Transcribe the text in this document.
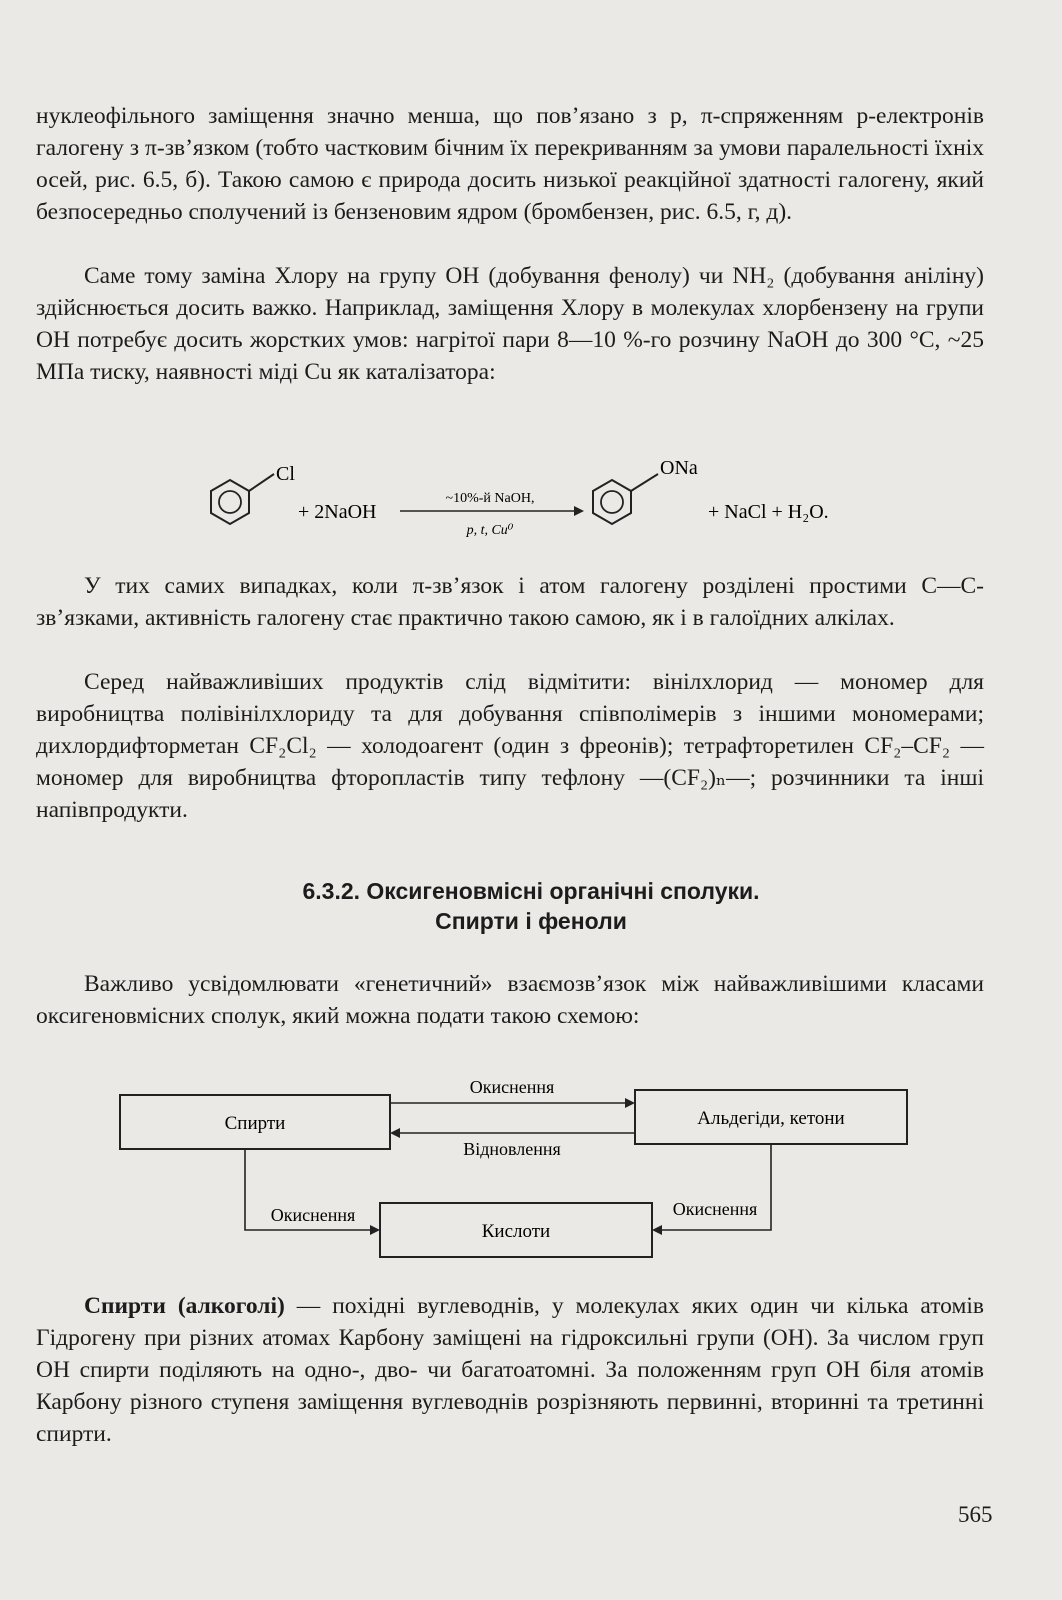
нуклеофільного заміщення значно менша, що пов’язано з p, π-спряженням p-електронів галогену з π-зв’язком (тобто частковим бічним їх перекриванням за умови паралельності їхніх осей, рис. 6.5, б). Такою самою є природа досить низької реакційної здатності галогену, який безпосередньо сполучений із бензеновим ядром (бромбензен, рис. 6.5, г, д).

Саме тому заміна Хлору на групу ОН (добування фенолу) чи NH₂ (добування аніліну) здійснюється досить важко. Наприклад, заміщення Хлору в молекулах хлорбензену на групи ОН потребує досить жорстких умов: нагрітої пари 8—10 %-го розчину NaOH до 300 °C, ~25 МПа тиску, наявності міді Cu як каталізатора:

Cl
+ 2NaOH
~10%-й NaOH,
p, t, Cu⁰
ONa
+ NaCl + H₂O.

У тих самих випадках, коли π-зв’язок і атом галогену розділені простими С—С-зв’язками, активність галогену стає практично такою самою, як і в галоїдних алкілах.

Серед найважливіших продуктів слід відмітити: вінілхлорид — мономер для виробництва полівінілхлориду та для добування співполімерів з іншими мономерами; дихлордифторметан CF₂Cl₂ — холодоагент (один з фреонів); тетрафторетилен CF₂–CF₂ — мономер для виробництва фторопластів типу тефлону —(CF₂)ₙ—; розчинники та інші напівпродукти.

6.3.2. Оксигеновмісні органічні сполуки.
Спирти і феноли

Важливо усвідомлювати «генетичний» взаємозв’язок між найважливішими класами оксигеновмісних сполук, який можна подати такою схемою:

Спирти	Альдегіди, кетони
Кислоти
Окиснення
Відновлення
Окиснення	Окиснення

Спирти (алкоголі) — похідні вуглеводнів, у молекулах яких один чи кілька атомів Гідрогену при різних атомах Карбону заміщені на гідроксильні групи (ОН). За числом груп ОН спирти поділяють на одно-, дво- чи багатоатомні. За положенням груп ОН біля атомів Карбону різного ступеня заміщення вуглеводнів розрізняють первинні, вторинні та третинні спирти.

565
